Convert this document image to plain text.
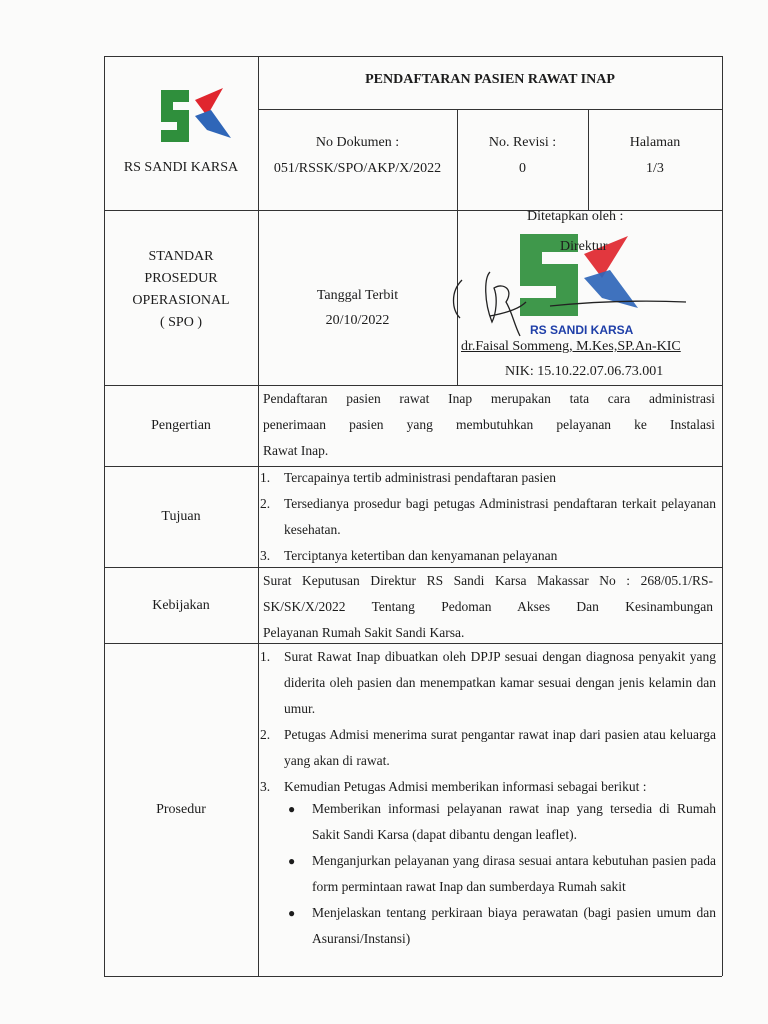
RS SANDI KARSA
PENDAFTARAN PASIEN RAWAT INAP
No Dokumen :
051/RSSK/SPO/AKP/X/2022
No. Revisi :
0
Halaman
1/3
STANDAR
PROSEDUR
OPERASIONAL
( SPO )
Tanggal Terbit
20/10/2022
Ditetapkan oleh :
RS SANDI KARSA
Direktur
dr.Faisal Sommeng, M.Kes,SP.An-KIC
NIK: 15.10.22.07.06.73.001
Pengertian
Pendaftaran pasien rawat Inap merupakan tata cara administrasi
penerimaan pasien yang membutuhkan pelayanan ke Instalasi
Rawat Inap.
Tujuan
1. Tercapainya tertib administrasi pendaftaran pasien
2. Tersedianya prosedur bagi petugas Administrasi pendaftaran terkait pelayanan kesehatan.
3. Terciptanya ketertiban dan kenyamanan pelayanan
Kebijakan
Surat Keputusan Direktur RS Sandi Karsa Makassar No : 268/05.1/RS-
SK/SK/X/2022 Tentang Pedoman Akses Dan Kesinambungan
Pelayanan Rumah Sakit Sandi Karsa.
Prosedur
1. Surat Rawat Inap dibuatkan oleh DPJP sesuai dengan diagnosa penyakit yang diderita oleh pasien dan menempatkan kamar sesuai dengan jenis kelamin dan umur.
2. Petugas Admisi menerima surat pengantar rawat inap dari pasien atau keluarga yang akan di rawat.
3. Kemudian Petugas Admisi memberikan informasi sebagai berikut :
● Memberikan informasi pelayanan rawat inap yang tersedia di Rumah Sakit Sandi Karsa (dapat dibantu dengan leaflet).
● Menganjurkan pelayanan yang dirasa sesuai antara kebutuhan pasien pada form permintaan rawat Inap dan sumberdaya Rumah sakit
● Menjelaskan tentang perkiraan biaya perawatan (bagi pasien umum dan Asuransi/Instansi)
